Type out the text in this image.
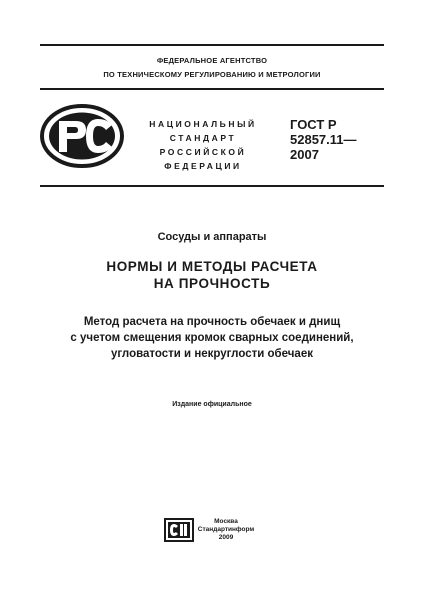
ФЕДЕРАЛЬНОЕ АГЕНТСТВО
ПО ТЕХНИЧЕСКОМУ РЕГУЛИРОВАНИЮ И МЕТРОЛОГИИ
НАЦИОНАЛЬНЫЙ
СТАНДАРТ
РОССИЙСКОЙ
ФЕДЕРАЦИИ
ГОСТ Р
52857.11—
2007
Сосуды и аппараты
НОРМЫ И МЕТОДЫ РАСЧЕТА
НА ПРОЧНОСТЬ
Метод расчета на прочность обечаек и днищ
с учетом смещения кромок сварных соединений,
угловатости и некруглости обечаек
Издание официальное
Москва
Стандартинформ
2009
